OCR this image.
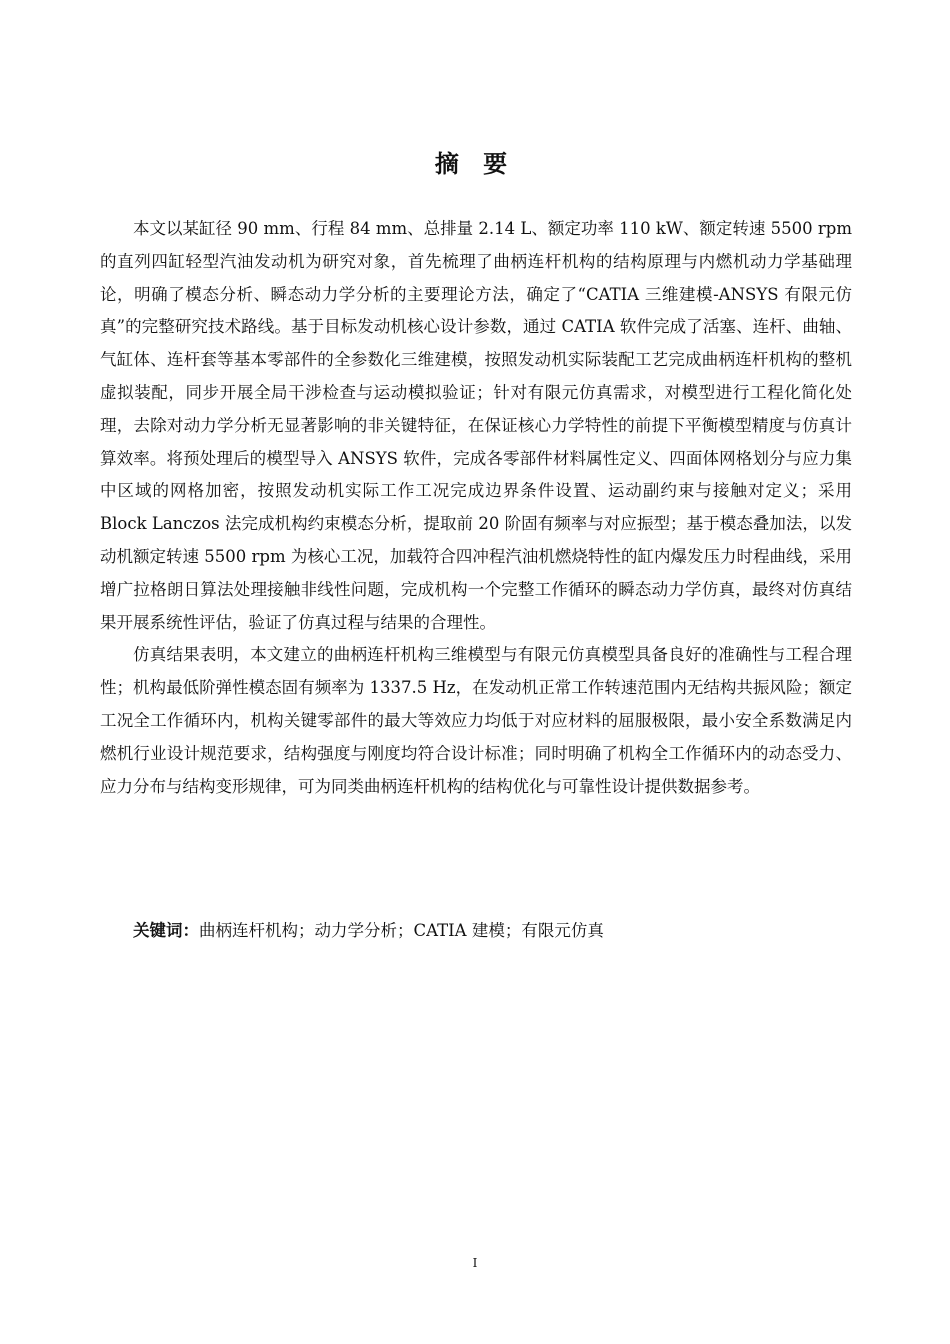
摘 要

本文以某缸径 90 mm、行程 84 mm、总排量 2.14 L、额定功率 110 kW、额定转速 5500 rpm 的直列四缸轻型汽油发动机为研究对象，首先梳理了曲柄连杆机构的结构原理与内燃机动力学基础理论，明确了模态分析、瞬态动力学分析的主要理论方法，确定了“CATIA 三维建模-ANSYS 有限元仿真”的完整研究技术路线。基于目标发动机核心设计参数，通过 CATIA 软件完成了活塞、连杆、曲轴、气缸体、连杆套等基本零部件的全参数化三维建模，按照发动机实际装配工艺完成曲柄连杆机构的整机虚拟装配，同步开展全局干涉检查与运动模拟验证；针对有限元仿真需求，对模型进行工程化简化处理，去除对动力学分析无显著影响的非关键特征，在保证核心力学特性的前提下平衡模型精度与仿真计算效率。将预处理后的模型导入 ANSYS 软件，完成各零部件材料属性定义、四面体网格划分与应力集中区域的网格加密，按照发动机实际工作工况完成边界条件设置、运动副约束与接触对定义；采用 Block Lanczos 法完成机构约束模态分析，提取前 20 阶固有频率与对应振型；基于模态叠加法，以发动机额定转速 5500 rpm 为核心工况，加载符合四冲程汽油机燃烧特性的缸内爆发压力时程曲线，采用增广拉格朗日算法处理接触非线性问题，完成机构一个完整工作循环的瞬态动力学仿真，最终对仿真结果开展系统性评估，验证了仿真过程与结果的合理性。

仿真结果表明，本文建立的曲柄连杆机构三维模型与有限元仿真模型具备良好的准确性与工程合理性；机构最低阶弹性模态固有频率为 1337.5 Hz，在发动机正常工作转速范围内无结构共振风险；额定工况全工作循环内，机构关键零部件的最大等效应力均低于对应材料的屈服极限，最小安全系数满足内燃机行业设计规范要求，结构强度与刚度均符合设计标准；同时明确了机构全工作循环内的动态受力、应力分布与结构变形规律，可为同类曲柄连杆机构的结构优化与可靠性设计提供数据参考。

关键词：曲柄连杆机构；动力学分析；CATIA 建模；有限元仿真

I
